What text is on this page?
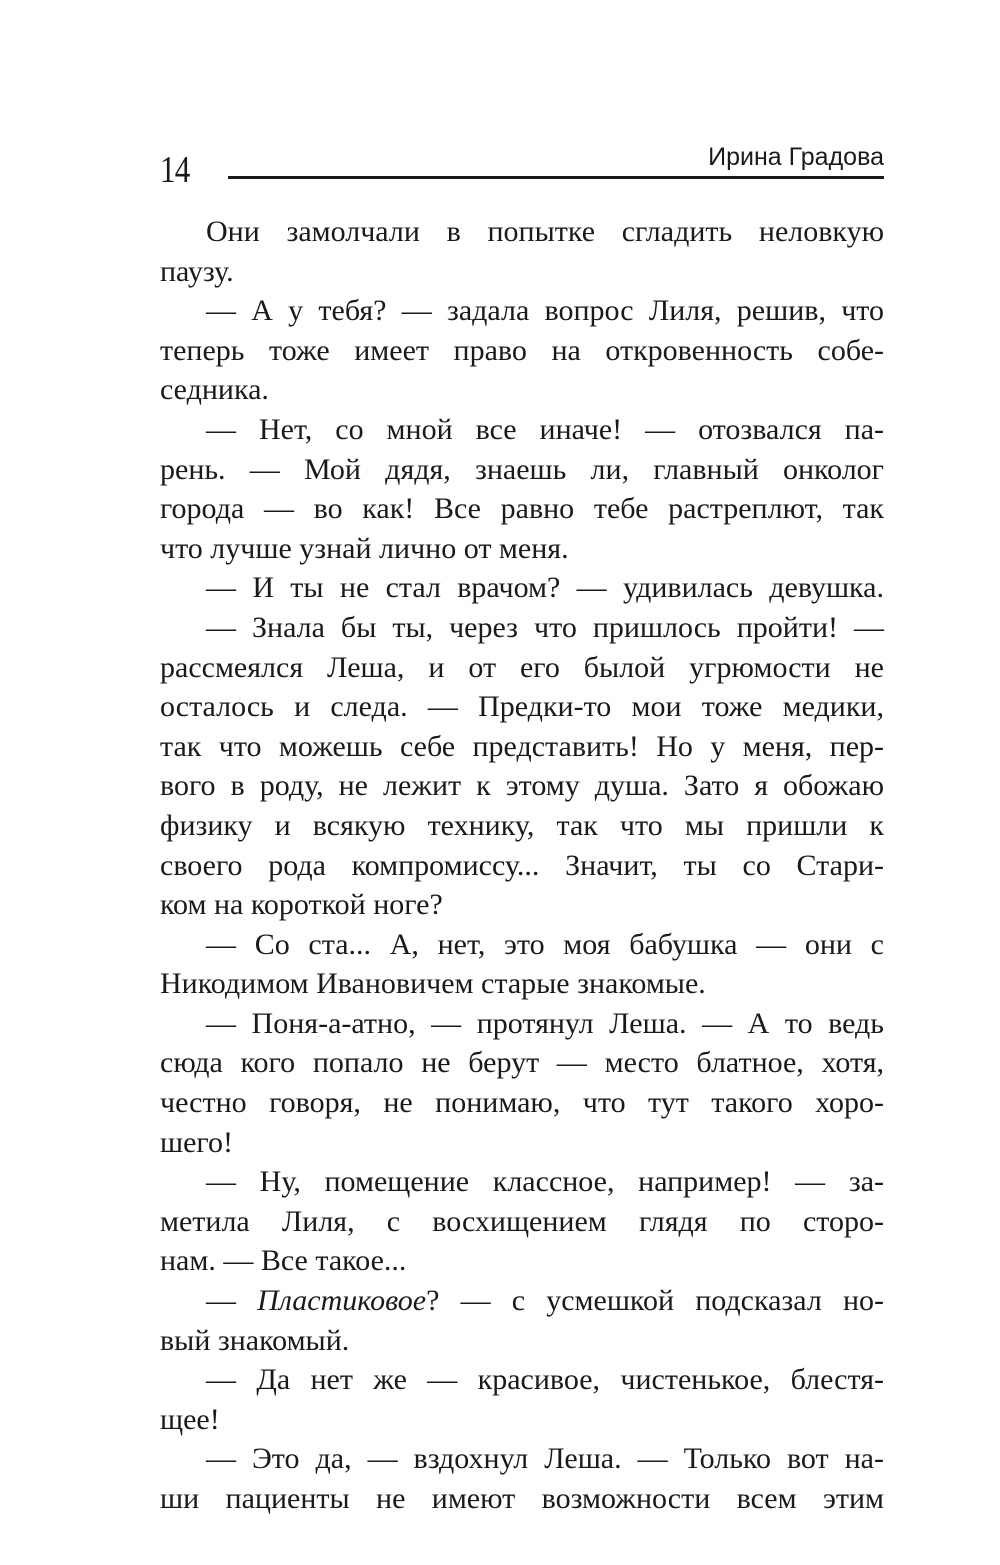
14	Ирина Градова
Они замолчали в попытке сгладить неловкую
паузу.
— А у тебя? — задала вопрос Лиля, решив, что
теперь тоже имеет право на откровенность собе-
седника.
— Нет, со мной все иначе! — отозвался па-
рень. — Мой дядя, знаешь ли, главный онколог
города — во как! Все равно тебе растреплют, так
что лучше узнай лично от меня.
— И ты не стал врачом? — удивилась девушка.
— Знала бы ты, через что пришлось пройти! —
рассмеялся Леша, и от его былой угрюмости не
осталось и следа. — Предки-то мои тоже медики,
так что можешь себе представить! Но у меня, пер-
вого в роду, не лежит к этому душа. Зато я обожаю
физику и всякую технику, так что мы пришли к
своего рода компромиссу... Значит, ты со Стари-
ком на короткой ноге?
— Со ста... А, нет, это моя бабушка — они с
Никодимом Ивановичем старые знакомые.
— Поня-а-атно, — протянул Леша. — А то ведь
сюда кого попало не берут — место блатное, хотя,
честно говоря, не понимаю, что тут такого хоро-
шего!
— Ну, помещение классное, например! — за-
метила Лиля, с восхищением глядя по сторо-
нам. — Все такое...
— Пластиковое? — с усмешкой подсказал но-
вый знакомый.
— Да нет же — красивое, чистенькое, блестя-
щее!
— Это да, — вздохнул Леша. — Только вот на-
ши пациенты не имеют возможности всем этим
